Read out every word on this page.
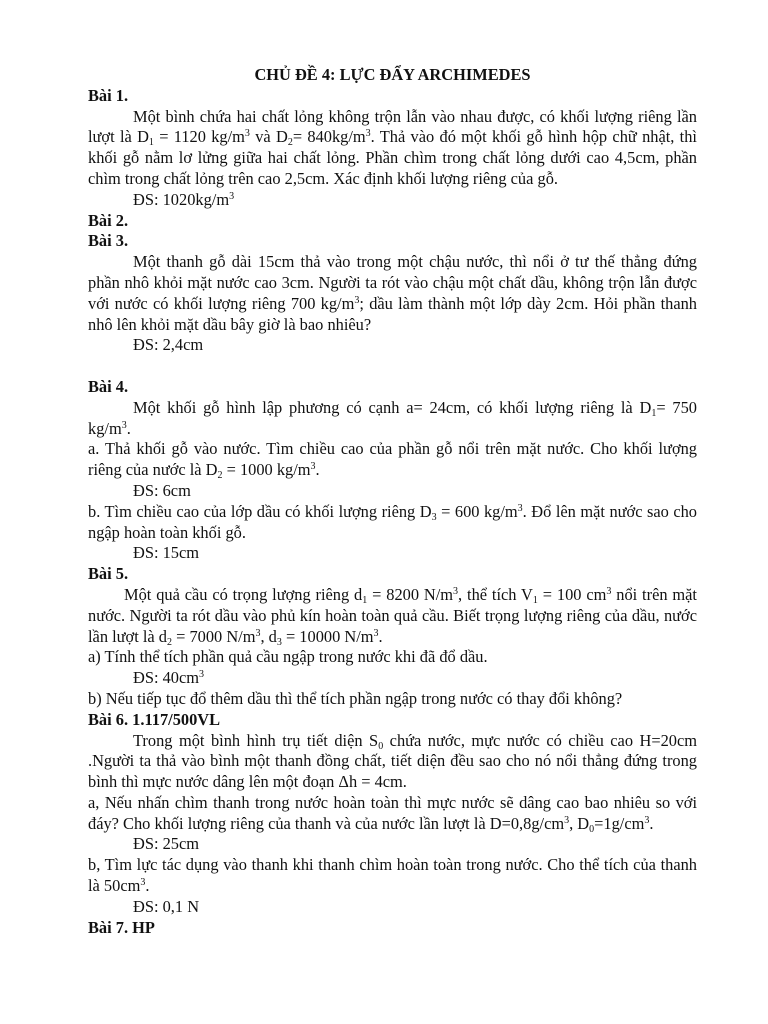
CHỦ ĐỀ 4: LỰC ĐẨY ARCHIMEDES

Bài 1.

Một bình chứa hai chất lỏng không trộn lẫn vào nhau được, có khối lượng riêng lần lượt là $D_1 = 1120$ $kg/m^3$ và $D_2= 840kg/m^3$. Thả vào đó một khối gỗ hình hộp chữ nhật, thì khối gỗ nằm lơ lửng giữa hai chất lỏng. Phần chìm trong chất lỏng dưới cao 4,5cm, phần chìm trong chất lỏng trên cao 2,5cm. Xác định khối lượng riêng của gỗ.

ĐS: $1020kg/m^3$

Bài 2.

Bài 3.

Một thanh gỗ dài 15cm thả vào trong một chậu nước, thì nổi ở tư thế thẳng đứng phần nhô khỏi mặt nước cao 3cm. Người ta rót vào chậu một chất dầu, không trộn lẫn được với nước có khối lượng riêng 700 $kg/m^3$; dầu làm thành một lớp dày 2cm. Hỏi phần thanh nhô lên khỏi mặt dầu bây giờ là bao nhiêu?

ĐS: 2,4cm

Bài 4.

Một khối gỗ hình lập phương có cạnh a= 24cm, có khối lượng riêng là $D_1= 750$ $kg/m^3$.

a. Thả khối gỗ vào nước. Tìm chiều cao của phần gỗ nổi trên mặt nước. Cho khối lượng riêng của nước là $D_2 = 1000$ $kg/m^3$.

ĐS: 6cm

b. Tìm chiều cao của lớp dầu có khối lượng riêng $D_3 = 600$ $kg/m^3$. Đổ lên mặt nước sao cho ngập hoàn toàn khối gỗ.

ĐS: 15cm

Bài 5.

Một quả cầu có trọng lượng riêng $d_1 = 8200$ $N/m^3$, thể tích $V_1 = 100$ $cm^3$ nổi trên mặt nước. Người ta rót dầu vào phủ kín hoàn toàn quả cầu. Biết trọng lượng riêng của dầu, nước lần lượt là $d_2 = 7000$ $N/m^3$, $d_3 = 10000$ $N/m^3$.

a) Tính thể tích phần quả cầu ngập trong nước khi đã đổ dầu.

ĐS: $40cm^3$

b) Nếu tiếp tục đổ thêm dầu thì thể tích phần ngập trong nước có thay đổi không?

Bài 6. 1.117/500VL

Trong một bình hình trụ tiết diện $S_0$ chứa nước, mực nước có chiều cao H=20cm .Người ta thả vào bình một thanh đồng chất, tiết diện đều sao cho nó nổi thẳng đứng trong bình thì mực nước dâng lên một đoạn Δh = 4cm.

a, Nếu nhấn chìm thanh trong nước hoàn toàn thì mực nước sẽ dâng cao bao nhiêu so với đáy? Cho khối lượng riêng của thanh và của nước lần lượt là $D=0,8g/cm^3$, $D_0=1g/cm^3$.

ĐS: 25cm

b, Tìm lực tác dụng vào thanh khi thanh chìm hoàn toàn trong nước. Cho thể tích của thanh là $50cm^3$.

ĐS: 0,1 N

Bài 7. HP
